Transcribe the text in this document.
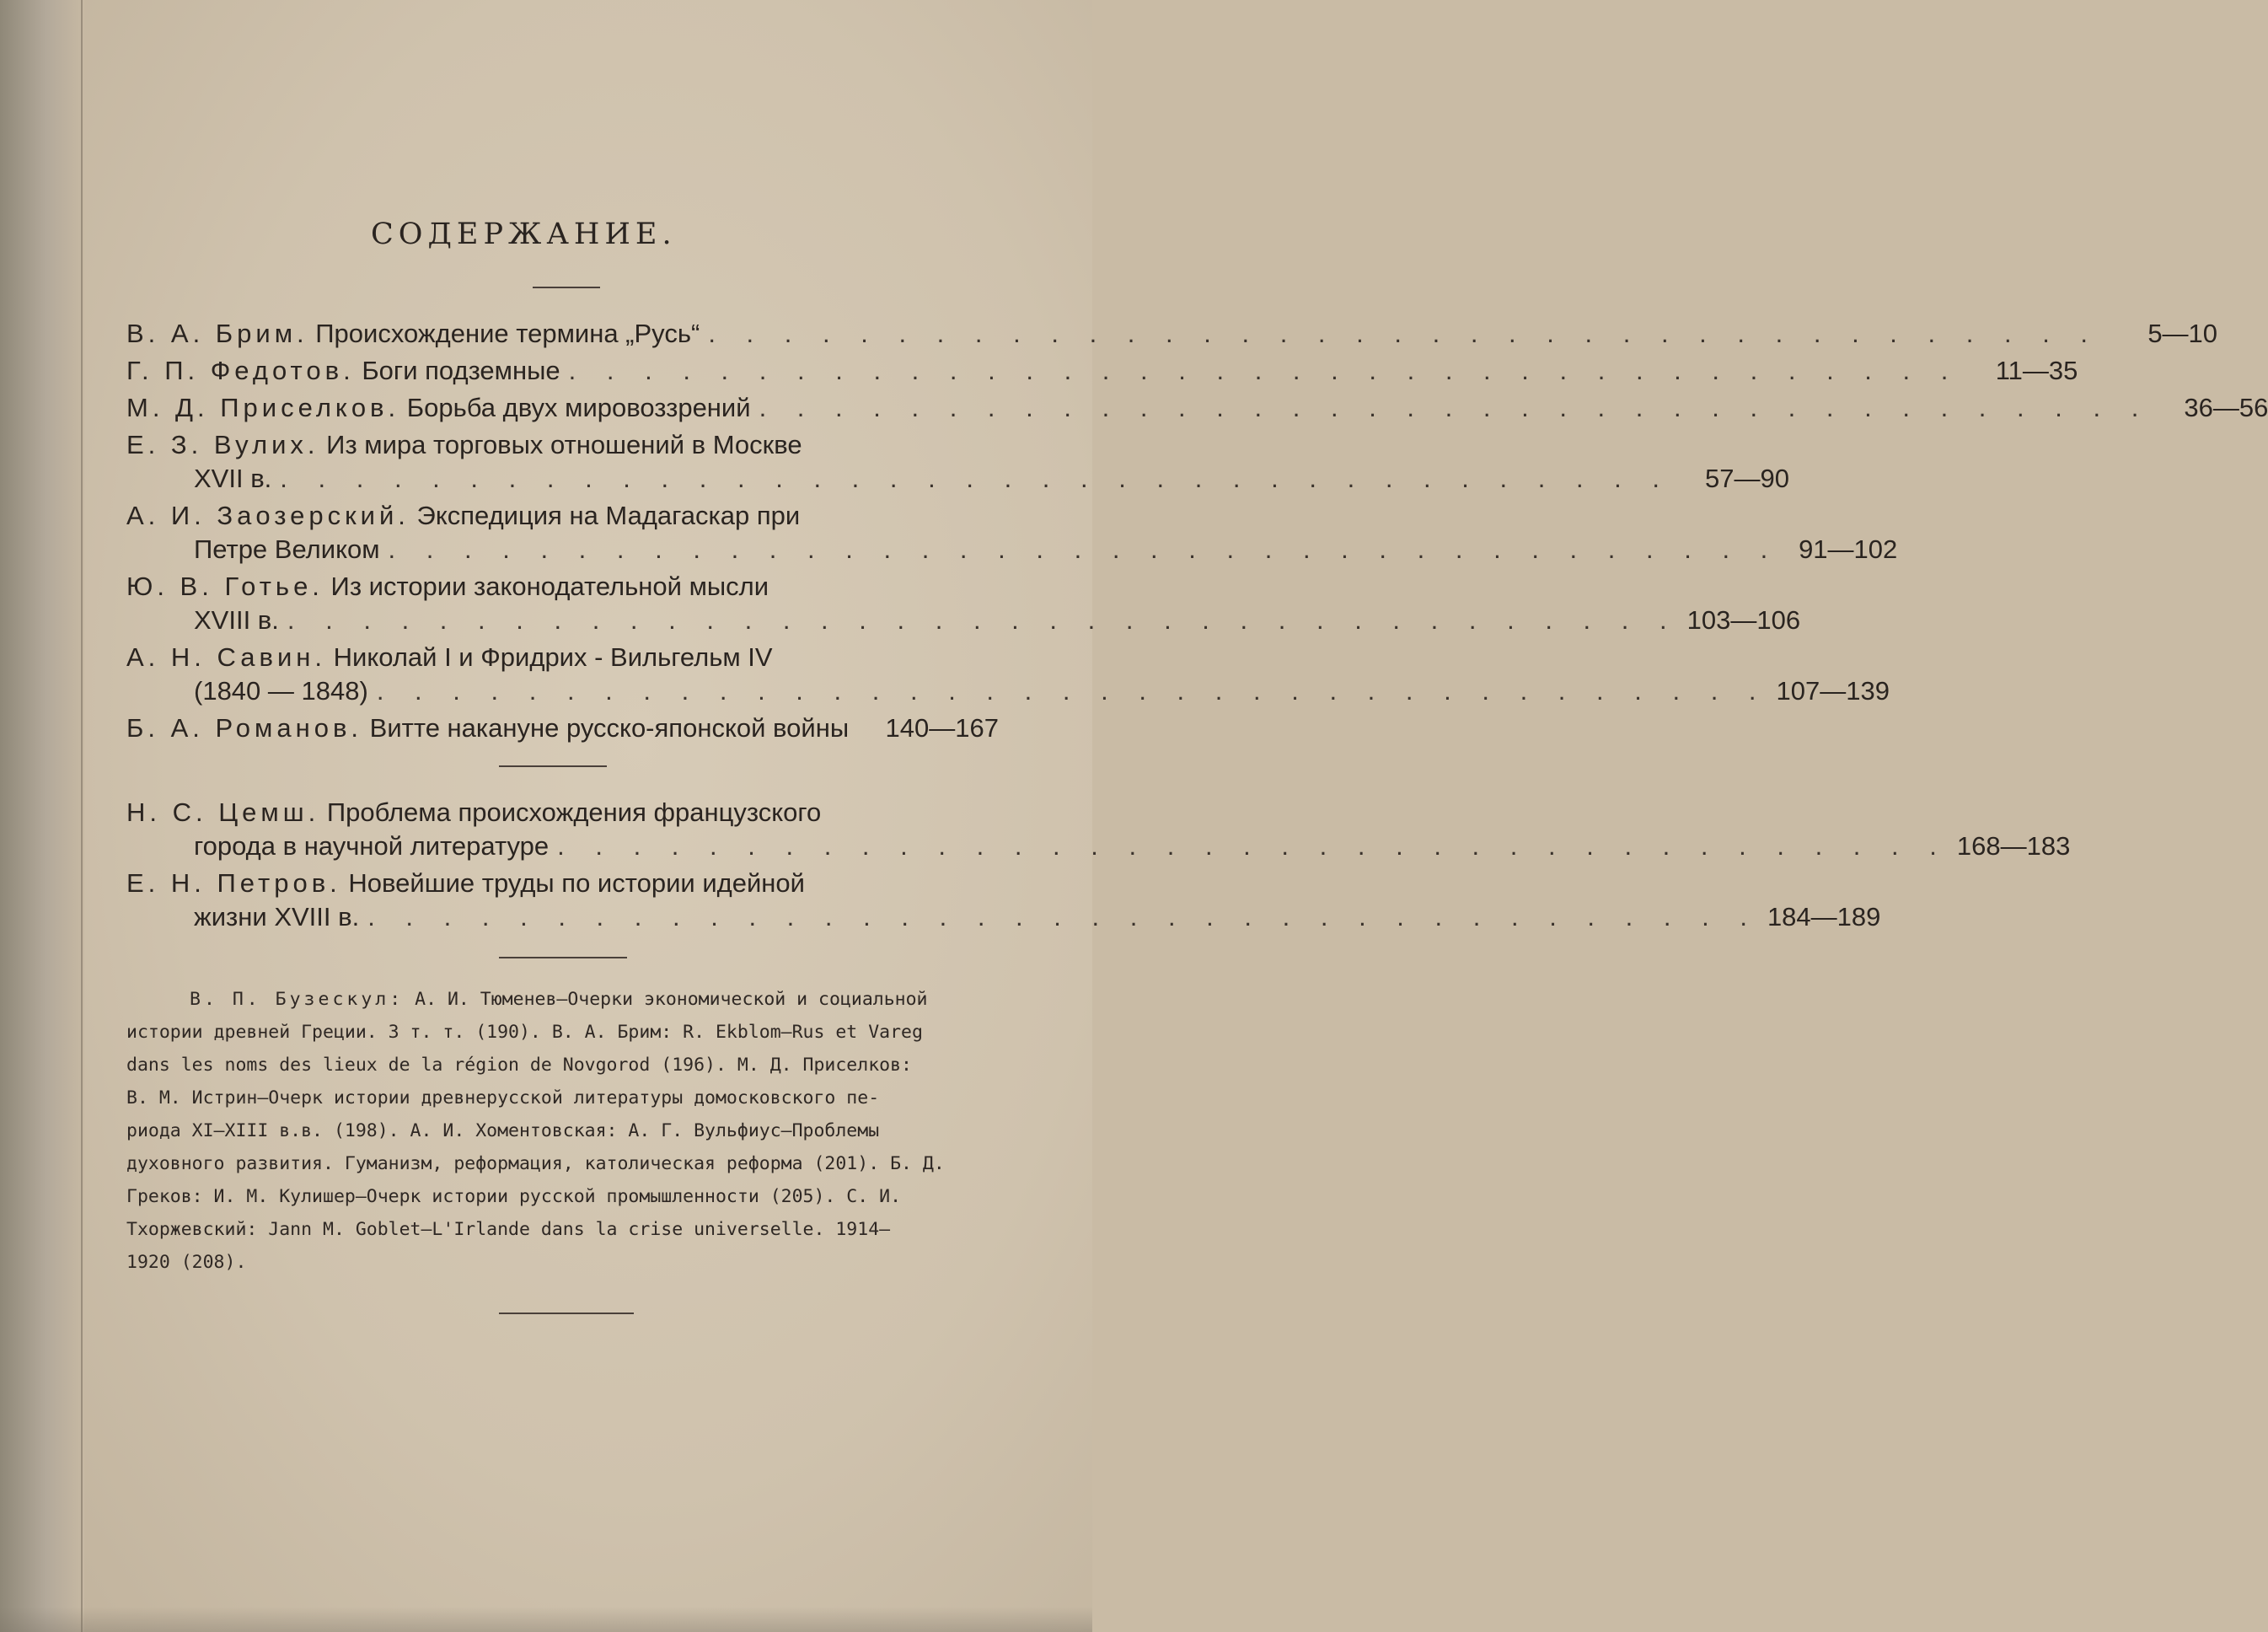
СОДЕРЖАНИЕ.
В. А. Брим.
Происхождение термина „Русь“ . . . . . . . . . . . . . . . . . . . . . . . . . . . . . . . . . . . . .	5—10
Г. П. Федотов.
Боги подземные . . . . . . . . . . . . . . . . . . . . . . . . . . . . . . . . . . . . .	11—35
М. Д. Приселков.
Борьба двух мировоззрений . . . . . . . . . . . . . . . . . . . . . . . . . . . . . . . . . . . . .	36—56
Е. З. Вулих.
Из мира торговых отношений в Москве
XVII в. . . . . . . . . . . . . . . . . . . . . . . . . . . . . . . . . . . . . .	57—90
А. И. Заозерский.
Экспедиция на Мадагаскар при
Петре Великом . . . . . . . . . . . . . . . . . . . . . . . . . . . . . . . . . . . . . 91—102
Ю. В. Готье.
Из истории законодательной мысли
XVIII в. . . . . . . . . . . . . . . . . . . . . . . . . . . . . . . . . . . . . . 103—106
А. Н. Савин.
Николай I и Фридрих - Вильгельм IV
(1840 — 1848) . . . . . . . . . . . . . . . . . . . . . . . . . . . . . . . . . . . . . 107—139
Б. А. Романов.
Витте накануне русско-японской войны 140—167
Н. С. Цемш.
Проблема происхождения французского
города в научной литературе . . . . . . . . . . . . . . . . . . . . . . . . . . . . . . . . . . . . . 168—183
Е. Н. Петров.
Новейшие труды по истории идейной
жизни XVIII в. . . . . . . . . . . . . . . . . . . . . . . . . . . . . . . . . . . . . . 184—189
В. П. Бузескул: А. И. Тюменев—Очерки экономической и социальной
истории древней Греции. 3 т. т. (190). В. А. Брим: R. Ekblom—Rus et Vareg
dans les noms des lieux de la région de Novgorod (196). М. Д. Приселков:
В. М. Истрин—Очерк истории древнерусской литературы домосковского пе-
риода XI—XIII в.в. (198). А. И. Хоментовская: А. Г. Вульфиус—Проблемы
духовного развития. Гуманизм, реформация, католическая реформа (201). Б. Д.
Греков: И. М. Кулишер—Очерк истории русской промышленности (205). С. И.
Тхоржевский: Jann M. Goblet—L'Irlande dans la crise universelle. 1914—
1920 (208).
